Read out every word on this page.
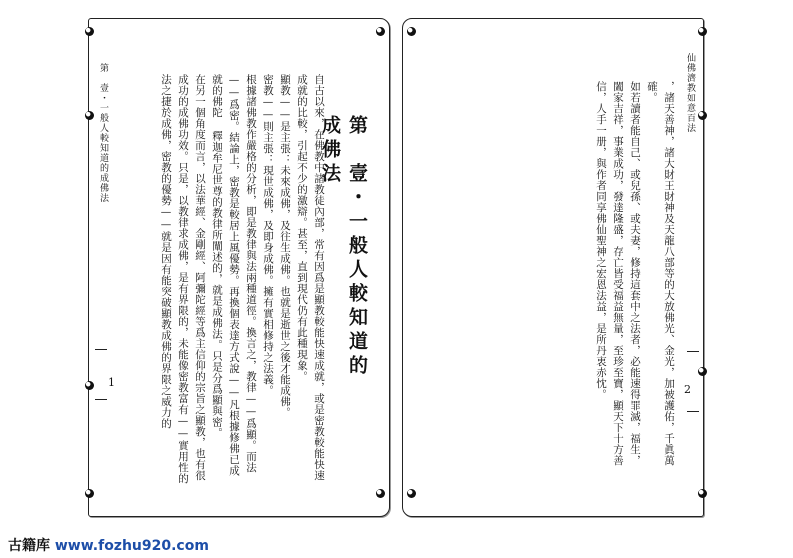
第　壹・一般人較知道的成佛法
1
第　壹・一般人較知道的成佛法

自古以來，在佛教中諸教徒內部，常有因爲是顯教較能快速成就，或是密教較能快速成就的比較，引起不少的激辯。甚至，直到現代仍有此種現象。

顯教——是主張：未來成佛，及往生成佛。也就是逝世之後才能成佛。

密教——則主張：現世成佛，及即身成佛。擁有實相修持之法義。

根據諸佛教作嚴格的分析，即是教律與法兩種道徑。換言之，教律——爲顯。而法——爲密。結論上，密教是較居上風優勢。再換個表達方式說——凡根據修佛已成就的佛陀 釋迦牟尼世尊的教律所闡述的，就是成佛法。只是分爲顯與密。

在另一個角度而言，以法華經、金剛經、阿彌陀經等爲主信仰的宗旨之顯教，也有很成功的成佛功效。只是，以教律求成佛，是有界限的，未能像密教富有——實用性的法之捷於成佛，密教的優勢——就是因有能突破顯教成佛的界限之威力的	仙佛濟教如意百法
2

，諸天善神，諸大財王財神及天龍八部等的大放佛光、金光，加被護佑，千眞萬確。

如若讀者能自己、或兒孫、或夫妻，修持這套中之法者，必能速得罪滅，福生，闔家吉祥，事業成功，發達隆盛，存亡皆受福益無量，至珍至寶，顯天下十方善信，人手一册，與作者同享佛仙聖神之宏恩法益，是所丹衷赤忱。

古籍库 www.fozhu920.com
